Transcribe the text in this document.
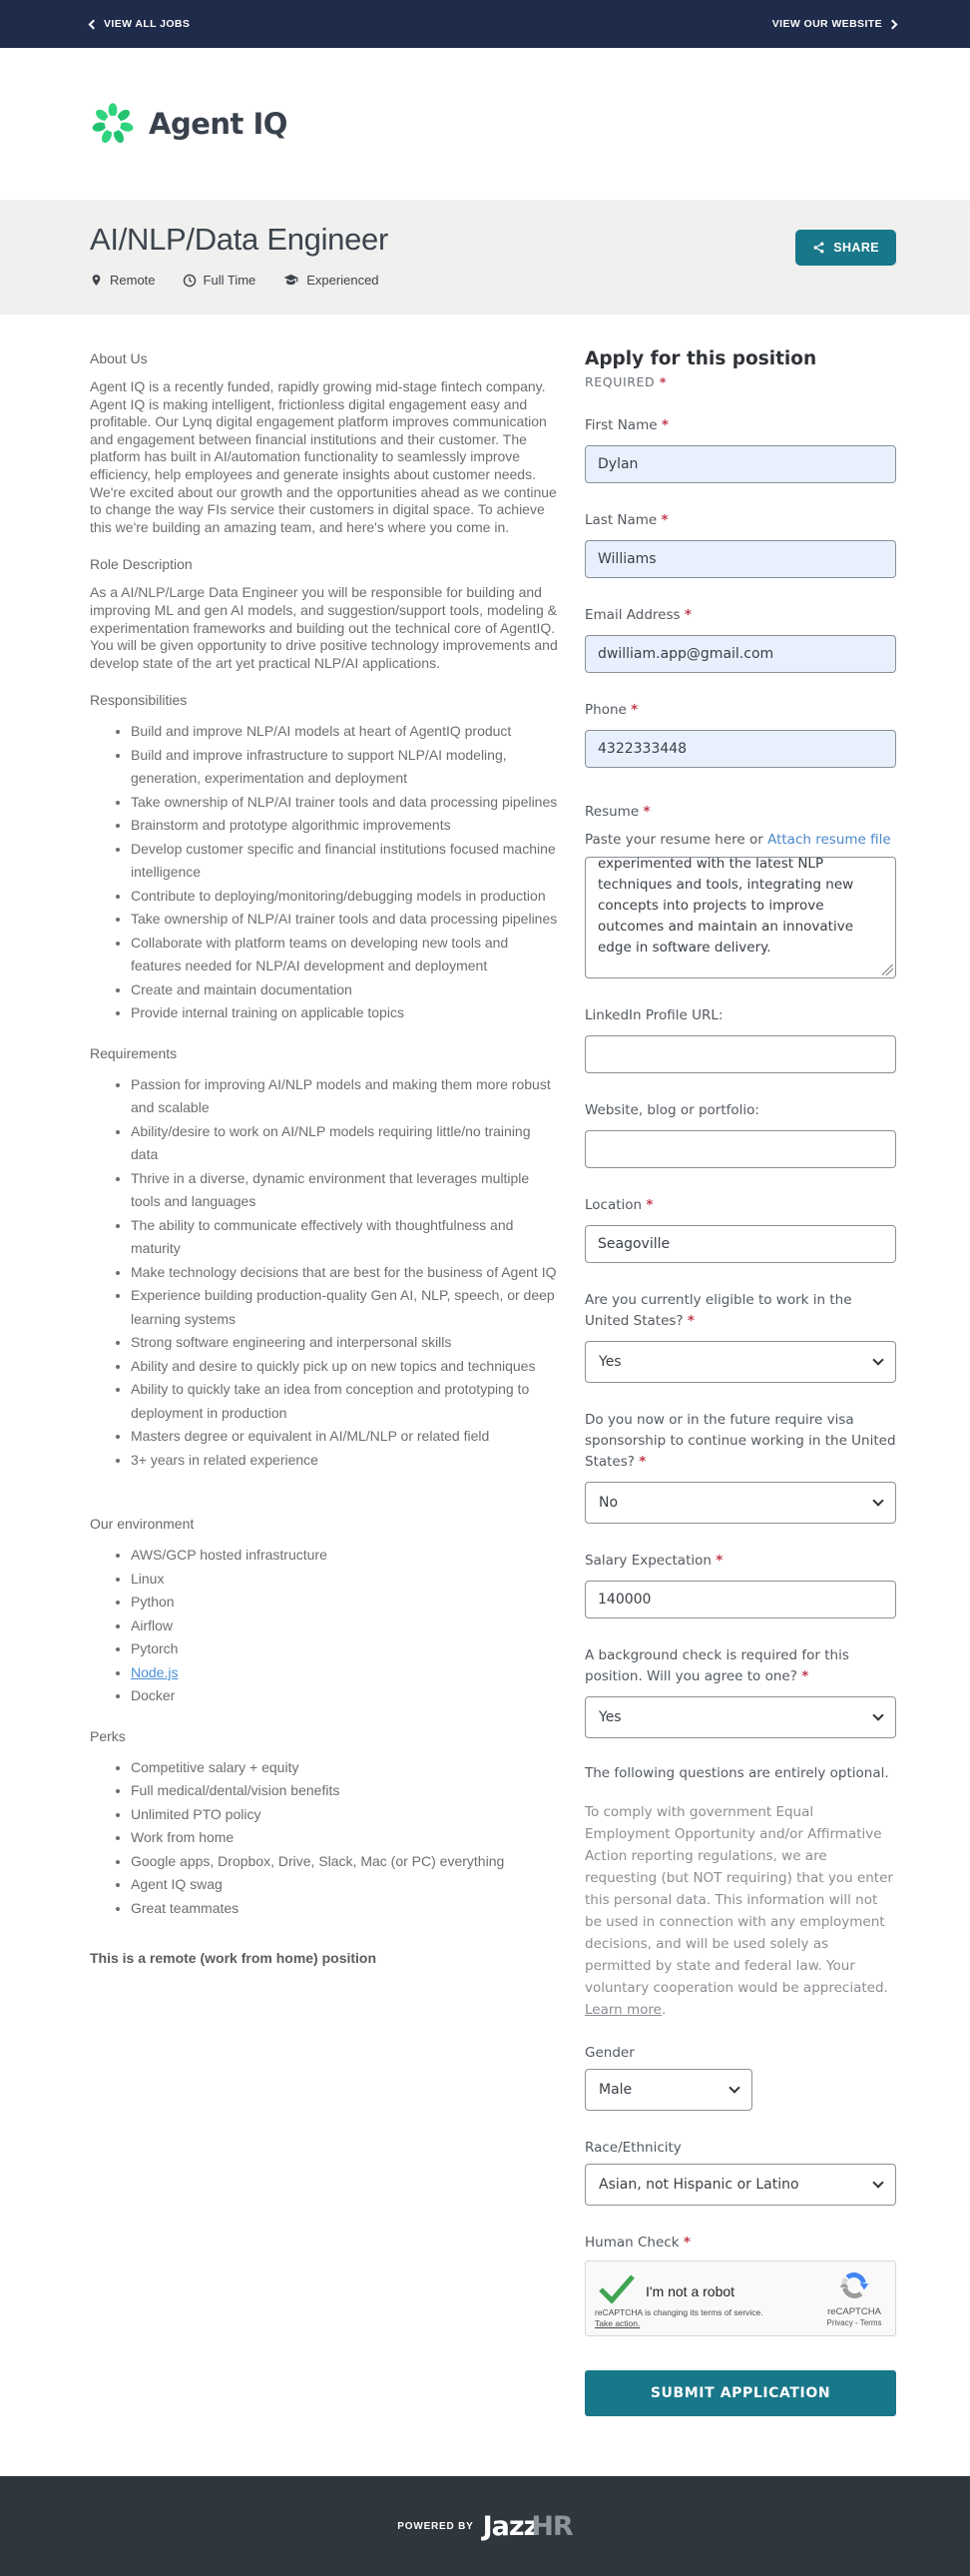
VIEW ALL JOBS	VIEW OUR WEBSITE
Agent IQ
AI/NLP/Data Engineer
Remote	Full Time	Experienced
SHARE
About Us

Agent IQ is a recently funded, rapidly growing mid-stage fintech company. Agent IQ is making intelligent, frictionless digital engagement easy and profitable. Our Lynq digital engagement platform improves communication and engagement between financial institutions and their customer. The platform has built in AI/automation functionality to seamlessly improve efficiency, help employees and generate insights about customer needs. We're excited about our growth and the opportunities ahead as we continue to change the way FIs service their customers in digital space. To achieve this we're building an amazing team, and here's where you come in.

Role Description

As a AI/NLP/Large Data Engineer you will be responsible for building and improving ML and gen AI models, and suggestion/support tools, modeling & experimentation frameworks and building out the technical core of AgentIQ. You will be given opportunity to drive positive technology improvements and develop state of the art yet practical NLP/AI applications.

Responsibilities
• Build and improve NLP/AI models at heart of AgentIQ product
• Build and improve infrastructure to support NLP/AI modeling, generation, experimentation and deployment
• Take ownership of NLP/AI trainer tools and data processing pipelines
• Brainstorm and prototype algorithmic improvements
• Develop customer specific and financial institutions focused machine intelligence
• Contribute to deploying/monitoring/debugging models in production
• Take ownership of NLP/AI trainer tools and data processing pipelines
• Collaborate with platform teams on developing new tools and features needed for NLP/AI development and deployment
• Create and maintain documentation
• Provide internal training on applicable topics
Requirements
• Passion for improving AI/NLP models and making them more robust and scalable
• Ability/desire to work on AI/NLP models requiring little/no training data
• Thrive in a diverse, dynamic environment that leverages multiple tools and languages
• The ability to communicate effectively with thoughtfulness and maturity
• Make technology decisions that are best for the business of Agent IQ
• Experience building production-quality Gen AI, NLP, speech, or deep learning systems
• Strong software engineering and interpersonal skills
• Ability and desire to quickly pick up on new topics and techniques
• Ability to quickly take an idea from conception and prototyping to deployment in production
• Masters degree or equivalent in AI/ML/NLP or related field
• 3+ years in related experience
Our environment
• AWS/GCP hosted infrastructure
• Linux
• Python
• Airflow
• Pytorch
• Node.js
• Docker
Perks
• Competitive salary + equity
• Full medical/dental/vision benefits
• Unlimited PTO policy
• Work from home
• Google apps, Dropbox, Drive, Slack, Mac (or PC) everything
• Agent IQ swag
• Great teammates

This is a remote (work from home) position

Apply for this position
REQUIRED *
First Name *
Dylan
Last Name *
Williams
Email Address *
dwilliam.app@gmail.com
Phone *
4322333448
Resume *
Paste your resume here or Attach resume file
experimented with the latest NLP techniques and tools, integrating new concepts into projects to improve outcomes and maintain an innovative edge in software delivery.
LinkedIn Profile URL:
Website, blog or portfolio:
Location *
Seagoville
Are you currently eligible to work in the United States? *
Yes
Do you now or in the future require visa sponsorship to continue working in the United States? *
No
Salary Expectation *
140000
A background check is required for this position. Will you agree to one? *
Yes
The following questions are entirely optional.

To comply with government Equal Employment Opportunity and/or Affirmative Action reporting regulations, we are requesting (but NOT requiring) that you enter this personal data. This information will not be used in connection with any employment decisions, and will be used solely as permitted by state and federal law. Your voluntary cooperation would be appreciated. Learn more.

Gender
Male
Race/Ethnicity
Asian, not Hispanic or Latino
Human Check *
I'm not a robot
reCAPTCHA is changing its terms of service.
Take action.
reCAPTCHA
Privacy - Terms
SUBMIT APPLICATION
POWERED BY JazzHR
